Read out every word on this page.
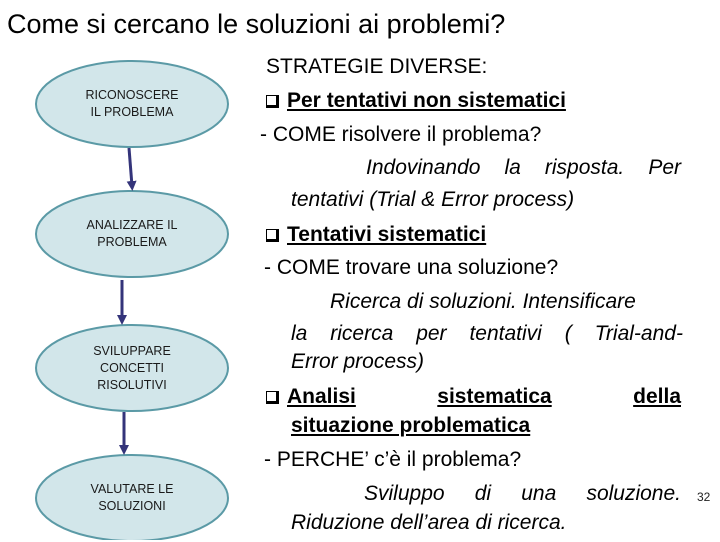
Come si cercano le soluzioni ai problemi?
RICONOSCERE
IL PROBLEMA
ANALIZZARE IL
PROBLEMA
SVILUPPARE
CONCETTI
RISOLUTIVI
VALUTARE LE
SOLUZIONI
STRATEGIE DIVERSE:
Per tentativi non sistematici
- COME risolvere il problema?
Indovinando la risposta. Per
tentativi (Trial & Error process)
Tentativi sistematici
- COME trovare una soluzione?
Ricerca di soluzioni. Intensificare
la ricerca per tentativi ( Trial-and-
Error process)
Analisi	sistematica	della
situazione problematica
- PERCHE’ c’è il problema?
Sviluppo di una soluzione.
Riduzione dell’area di ricerca.
32
